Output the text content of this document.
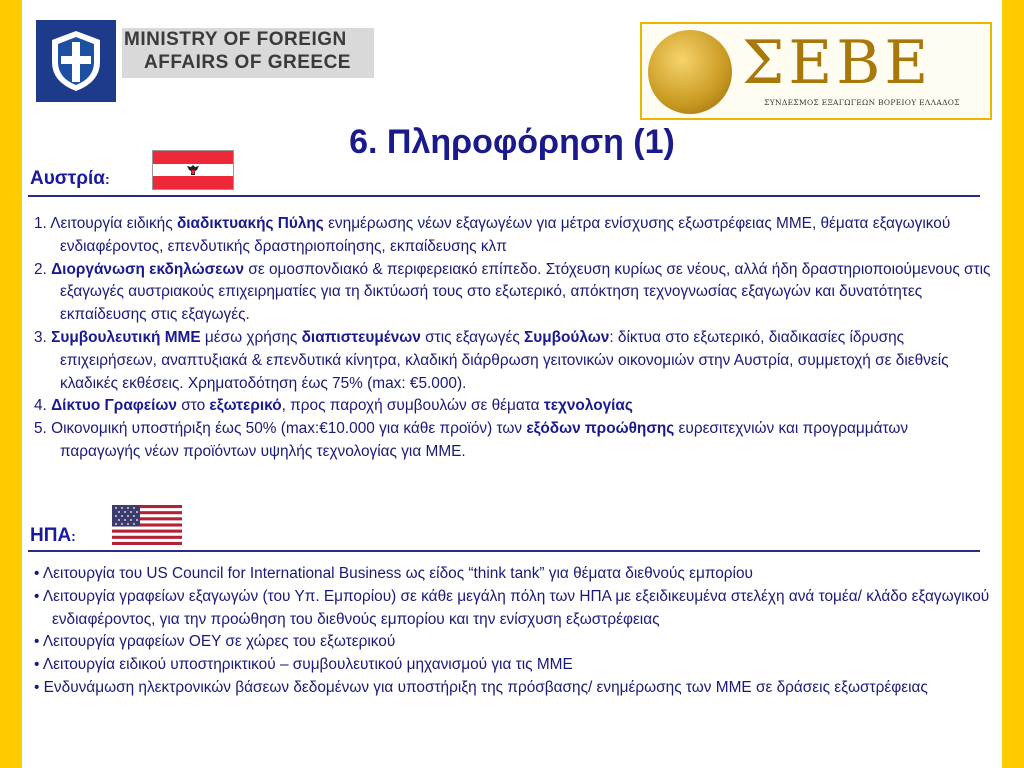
MINISTRY OF FOREIGN
AFFAIRS OF GREECE	ΣΕΒΕ
ΣΥΝΔΕΣΜΟΣ ΕΞΑΓΩΓΕΩΝ ΒΟΡΕΙΟΥ ΕΛΛΑΔΟΣ
6. Πληροφόρηση (1)
Αυστρία:
1. Λειτουργία ειδικής διαδικτυακής Πύλης ενημέρωσης νέων εξαγωγέων για μέτρα ενίσχυσης εξωστρέφειας ΜΜΕ, θέματα εξαγωγικού ενδιαφέροντος, επενδυτικής δραστηριοποίησης, εκπαίδευσης κλπ
2. Διοργάνωση εκδηλώσεων σε ομοσπονδιακό & περιφερειακό επίπεδο. Στόχευση κυρίως σε νέους, αλλά ήδη δραστηριοποιούμενους στις εξαγωγές αυστριακούς επιχειρηματίες για τη δικτύωσή τους στο εξωτερικό, απόκτηση τεχνογνωσίας εξαγωγών και δυνατότητες εκπαίδευσης στις εξαγωγές.
3. Συμβουλευτική ΜΜΕ μέσω χρήσης διαπιστευμένων στις εξαγωγές Συμβούλων: δίκτυα στο εξωτερικό, διαδικασίες ίδρυσης επιχειρήσεων, αναπτυξιακά & επενδυτικά κίνητρα, κλαδική διάρθρωση γειτονικών οικονομιών στην Αυστρία, συμμετοχή σε διεθνείς κλαδικές εκθέσεις. Χρηματοδότηση έως 75% (max: €5.000).
4. Δίκτυο Γραφείων στο εξωτερικό, προς παροχή συμβουλών σε θέματα τεχνολογίας
5. Οικονομική υποστήριξη έως 50% (max:€10.000 για κάθε προϊόν) των εξόδων προώθησης ευρεσιτεχνιών και προγραμμάτων παραγωγής νέων προϊόντων υψηλής τεχνολογίας για ΜΜΕ.
ΗΠΑ:
• Λειτουργία του US Council for International Business ως είδος “think tank” για θέματα διεθνούς εμπορίου
• Λειτουργία γραφείων εξαγωγών (του Υπ. Εμπορίου) σε κάθε μεγάλη πόλη των ΗΠΑ με εξειδικευμένα στελέχη ανά τομέα/ κλάδο εξαγωγικού ενδιαφέροντος, για την προώθηση του διεθνούς εμπορίου και την ενίσχυση εξωστρέφειας
• Λειτουργία γραφείων ΟΕΥ σε χώρες του εξωτερικού
• Λειτουργία ειδικού υποστηρικτικού – συμβουλευτικού μηχανισμού για τις ΜΜΕ
• Ενδυνάμωση ηλεκτρονικών βάσεων δεδομένων για υποστήριξη της πρόσβασης/ ενημέρωσης των ΜΜΕ σε δράσεις εξωστρέφειας
